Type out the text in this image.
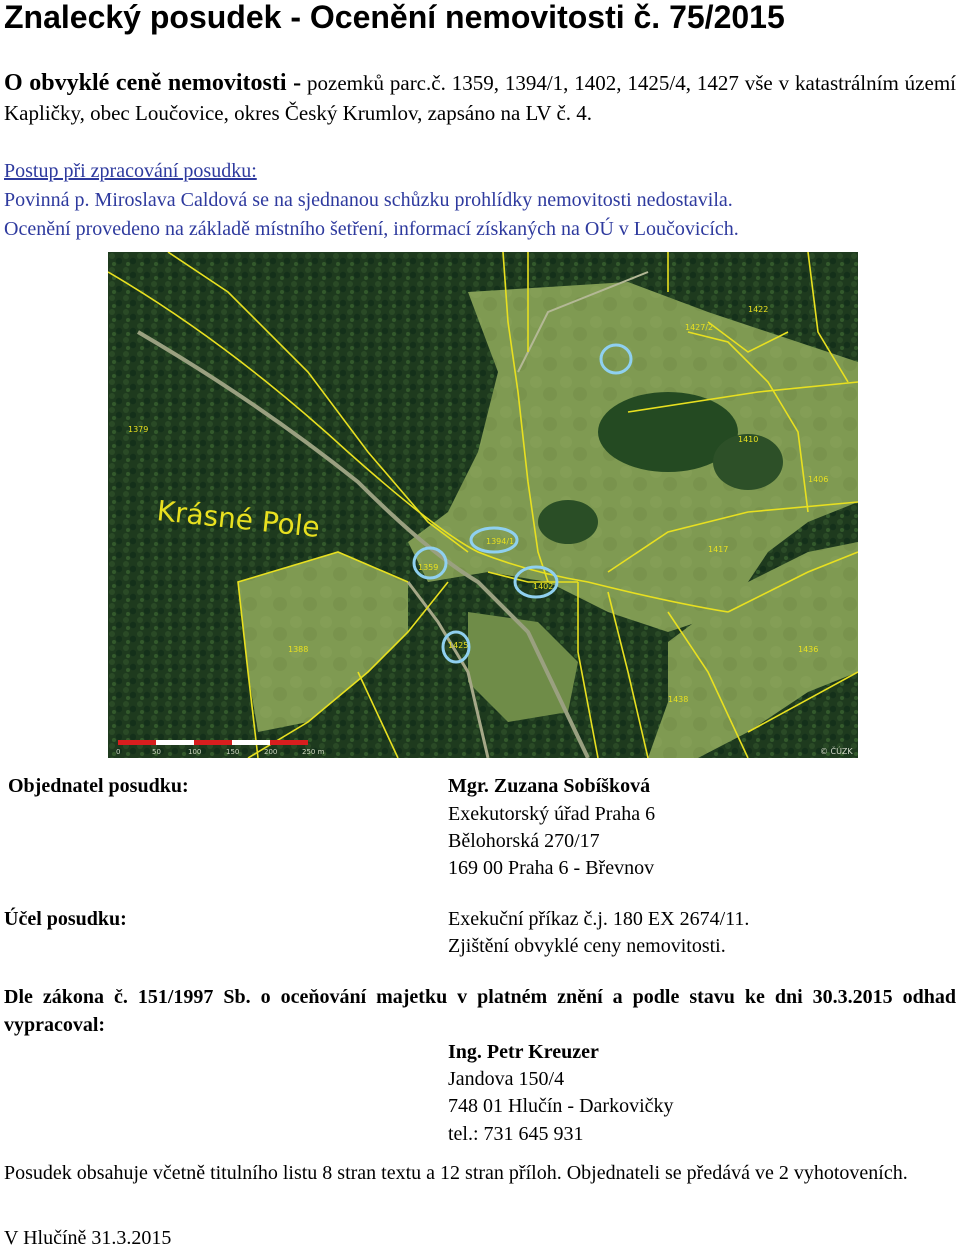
Znalecký posudek - Ocenění nemovitosti č. 75/2015
O obvyklé ceně nemovitosti - pozemků parc.č. 1359, 1394/1, 1402, 1425/4, 1427 vše v katastrálním území Kapličky, obec Loučovice, okres Český Krumlov, zapsáno na LV č. 4.
Postup při zpracování posudku:
Povinná p. Miroslava Caldová se na sjednanou schůzku prohlídky nemovitosti nedostavila.
Ocenění provedeno na základě místního šetření, informací získaných na OÚ v Loučovicích.
1427/2
1422
1359
1394/1
1402
1425
1410
1406
1417
1436
1388
1379
1438
Krásné Pole
0	50	100	150	200	250 m	© ČÚZK
Objednatel posudku:	Mgr. Zuzana Sobíšková
Exekutorský úřad Praha 6
Bělohorská 270/17
169 00 Praha 6 - Břevnov
Účel posudku:	Exekuční příkaz č.j. 180 EX 2674/11.
Zjištění obvyklé ceny nemovitosti.
Dle zákona č. 151/1997 Sb. o oceňování majetku v platném znění a podle stavu ke dni 30.3.2015 odhad vypracoval:
Ing. Petr Kreuzer
Jandova 150/4
748 01 Hlučín - Darkovičky
tel.: 731 645 931
Posudek obsahuje včetně titulního listu 8 stran textu a 12 stran příloh. Objednateli se předává ve 2 vyhotoveních.
V Hlučíně 31.3.2015
